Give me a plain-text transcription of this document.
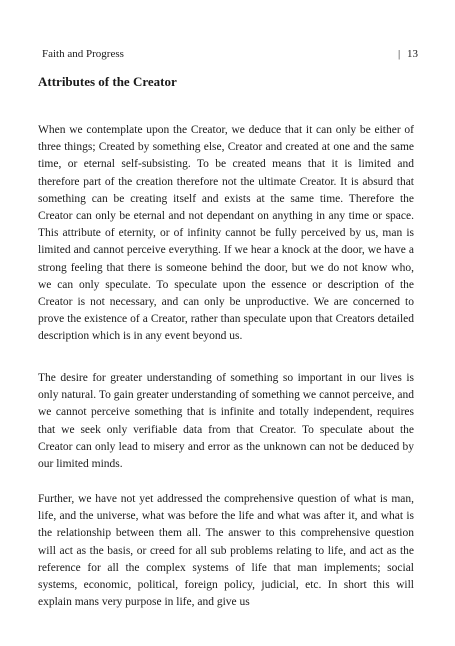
Faith and Progress	| 13
Attributes of the Creator

When we contemplate upon the Creator, we deduce that it can only be either of three things; Created by something else, Creator and created at one and the same time, or eternal self-subsisting. To be created means that it is limited and therefore part of the creation therefore not the ultimate Creator. It is absurd that something can be creating itself and exists at the same time. Therefore the Creator can only be eternal and not dependant on anything in any time or space. This attribute of eternity, or of infinity cannot be fully perceived by us, man is limited and cannot perceive everything. If we hear a knock at the door, we have a strong feeling that there is someone behind the door, but we do not know who, we can only speculate. To speculate upon the essence or description of the Creator is not necessary, and can only be unproductive. We are concerned to prove the existence of a Creator, rather than speculate upon that Creators detailed description which is in any event beyond us.

The desire for greater understanding of something so important in our lives is only natural. To gain greater understanding of something we cannot perceive, and we cannot perceive something that is infinite and totally independent, requires that we seek only verifiable data from that Creator. To speculate about the Creator can only lead to misery and error as the unknown can not be deduced by our limited minds.

Further, we have not yet addressed the comprehensive question of what is man, life, and the universe, what was before the life and what was after it, and what is the relationship between them all. The answer to this comprehensive question will act as the basis, or creed for all sub problems relating to life, and act as the reference for all the complex systems of life that man implements; social systems, economic, political, foreign policy, judicial, etc. In short this will explain mans very purpose in life, and give us
